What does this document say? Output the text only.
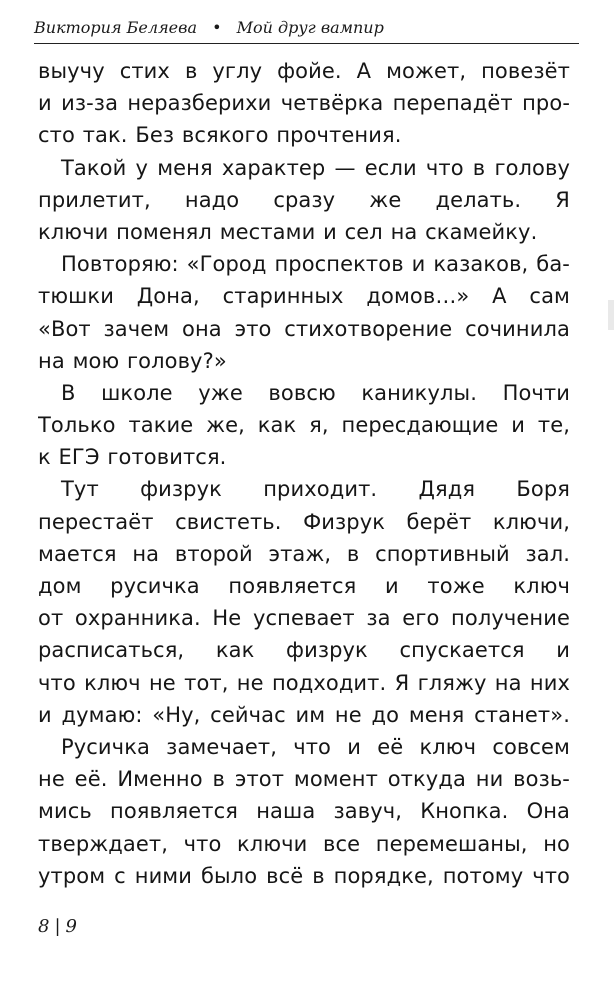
Виктория Беляева • Мой друг вампир
выучу стих в углу фойе. А может, повезёт
и из-за неразберихи четвёрка перепадёт про-
сто так. Без всякого прочтения.
Такой у меня характер — если что в голову
прилетит, надо сразу же делать. Я
ключи поменял местами и сел на скамейку.
Повторяю: «Город проспектов и казаков, ба-
тюшки Дона, старинных домов…» А сам
«Вот зачем она это стихотворение сочинила
на мою голову?»
В школе уже вовсю каникулы. Почти
Только такие же, как я, пересдающие и те,
к ЕГЭ готовится.
Тут физрук приходит. Дядя Боря
перестаёт свистеть. Физрук берёт ключи,
мается на второй этаж, в спортивный зал.
дом русичка появляется и тоже ключ
от охранника. Не успевает за его получение
расписаться, как физрук спускается и
что ключ не тот, не подходит. Я гляжу на них
и думаю: «Ну, сейчас им не до меня станет».
Русичка замечает, что и её ключ совсем
не её. Именно в этот момент откуда ни возь-
мись появляется наша завуч, Кнопка. Она
тверждает, что ключи все перемешаны, но
утром с ними было всё в порядке, потому что
8 | 9
